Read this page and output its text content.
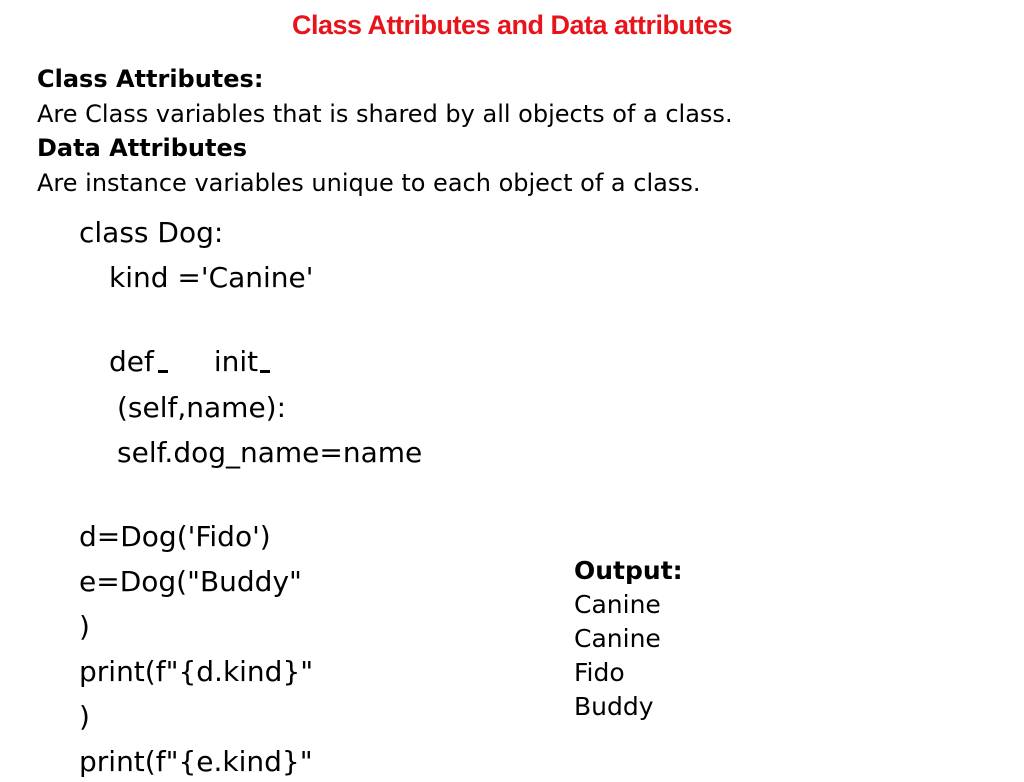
Class Attributes and Data attributes
Class Attributes:
Are Class variables that is shared by all objects of a class.
Data Attributes
Are instance variables unique to each object of a class.
class Dog:
kind ='Canine'
def init
(self,name):
self.dog_name=name
d=Dog('Fido')
e=Dog("Buddy"
)
print(f"{d.kind}"
)
print(f"{e.kind}"
Output:
Canine
Canine
Fido
Buddy
